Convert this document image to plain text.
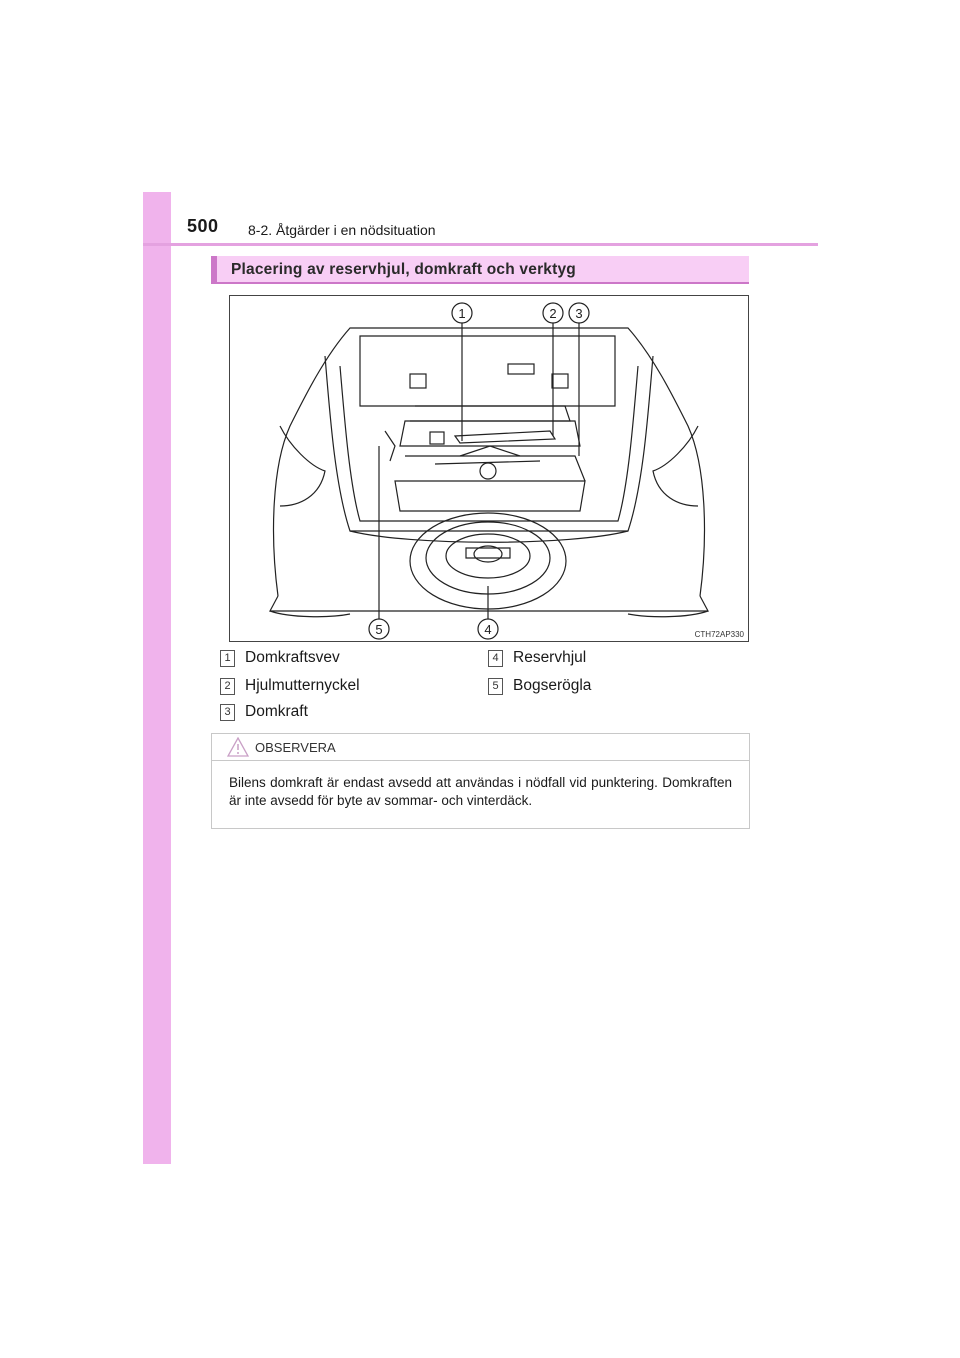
500 8-2. Åtgärder i en nödsituation
Placering av reservhjul, domkraft och verktyg
1	2 3
4
5	CTH72AP330
1 Domkraftsvev
2 Hjulmutternyckel
3 Domkraft
4 Reservhjul
5 Bogserögla
OBSERVERA
Bilens domkraft är endast avsedd att användas i nödfall vid punktering. Domkraften är inte avsedd för byte av sommar- och vinterdäck.
